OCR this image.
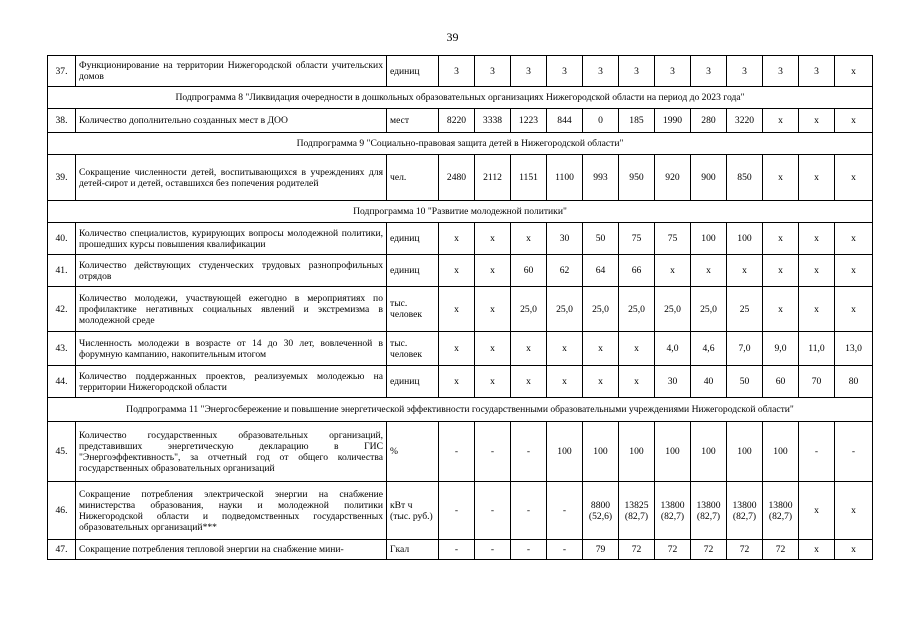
39
37.	Функционирование на территории Нижегородской области учительских домов	единиц	3	3	3	3	3	3	3	3	3	3	3	х
Подпрограмма 8 "Ликвидация очередности в дошкольных образовательных организациях Нижегородской области на период до 2023 года"														
38.	Количество дополнительно созданных мест в ДОО	мест	8220	3338	1223	844	0	185	1990	280	3220	х	х	х
Подпрограмма 9 "Социально-правовая защита детей в Нижегородской области"														
39.	Сокращение численности детей, воспитывающихся в учреждениях для детей-сирот и детей, оставшихся без попечения родителей	чел.	2480	2112	1151	1100	993	950	920	900	850	х	х	х
Подпрограмма 10 "Развитие молодежной политики"														
40.	Количество специалистов, курирующих вопросы молодежной политики, прошедших курсы повышения квалификации	единиц	х	х	х	30	50	75	75	100	100	х	х	х
41.	Количество действующих студенческих трудовых разнопрофильных отрядов	единиц	х	х	60	62	64	66	х	х	х	х	х	х
42.	Количество молодежи, участвующей ежегодно в мероприятиях по профилактике негативных социальных явлений и экстремизма в молодежной среде	тыс. человек	х	х	25,0	25,0	25,0	25,0	25,0	25,0	25	х	х	х
43.	Численность молодежи в возрасте от 14 до 30 лет, вовлеченной в форумную кампанию, накопительным итогом	тыс. человек	х	х	х	х	х	х	4,0	4,6	7,0	9,0	11,0	13,0
44.	Количество поддержанных проектов, реализуемых молодежью на территории Нижегородской области	единиц	х	х	х	х	х	х	30	40	50	60	70	80
Подпрограмма 11 "Энергосбережение и повышение энергетической эффективности государственными образовательными учреждениями Нижегородской области"														
45.	Количество государственных образовательных организаций, представивших энергетическую декларацию в ГИС "Энергоэффективность", за отчетный год от общего количества государственных образовательных организаций	%	-	-	-	100	100	100	100	100	100	100	-	-
46.	Сокращение потребления электрической энергии на снабжение министерства образования, науки и молодежной политики Нижегородской области и подведомственных государственных образовательных организаций***	кВт ч (тыс. руб.)	-	-	-	-	8800 (52,6)	13825 (82,7)	13800 (82,7)	13800 (82,7)	13800 (82,7)	13800 (82,7)	х	х
47.	Сокращение потребления тепловой энергии на снабжение мини-	Гкал	-	-	-	-	79	72	72	72	72	72	х	х
